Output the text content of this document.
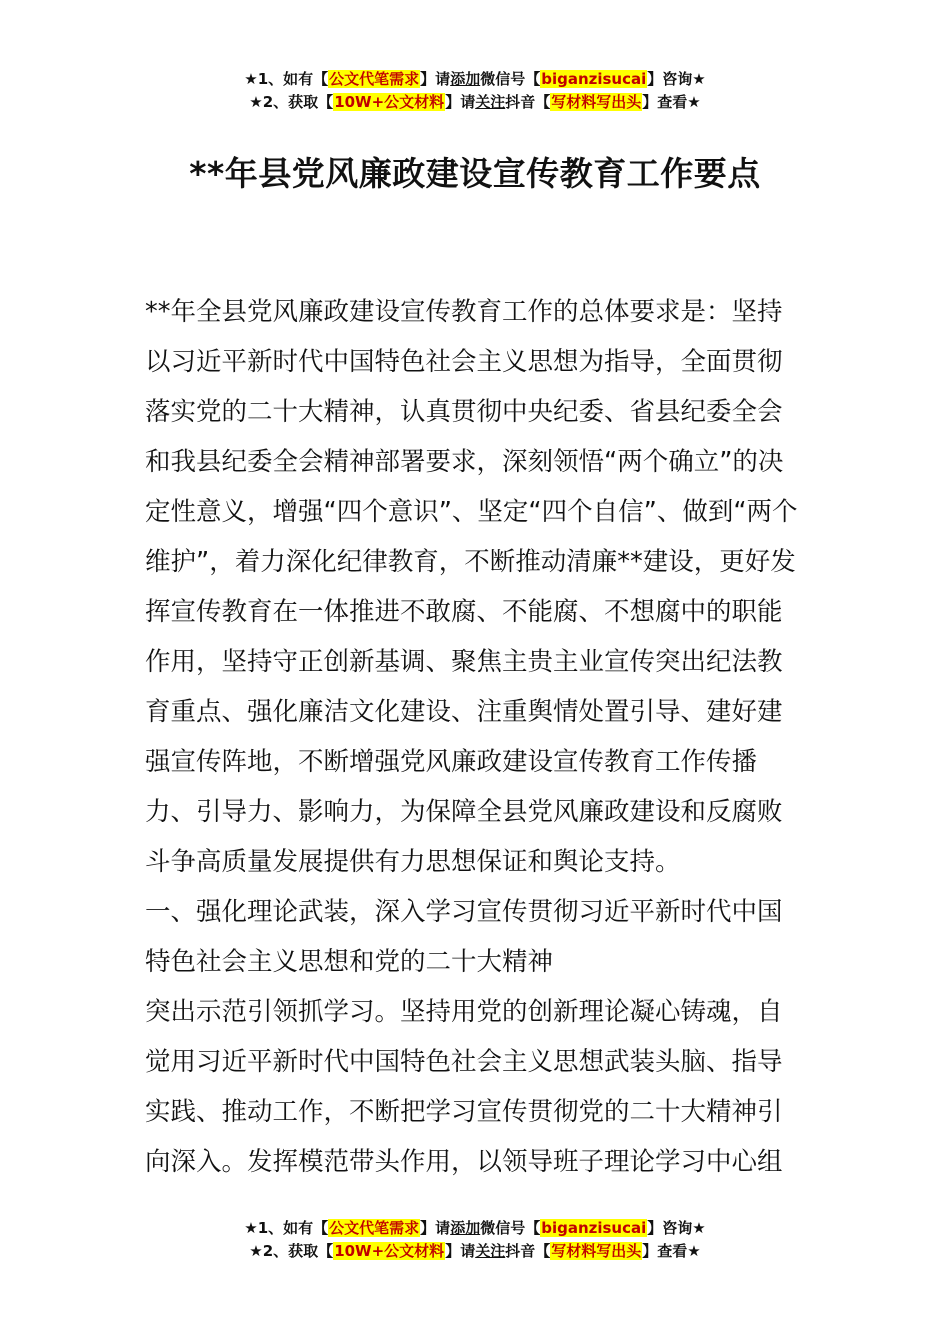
★1、如有【公文代笔需求】请添加微信号【biganzisucai】咨询★
★2、获取【10W+公文材料】请关注抖音【写材料写出头】查看★
**年县党风廉政建设宣传教育工作要点

**年全县党风廉政建设宣传教育工作的总体要求是：坚持以习近平新时代中国特色社会主义思想为指导，全面贯彻落实党的二十大精神，认真贯彻中央纪委、省县纪委全会和我县纪委全会精神部署要求，深刻领悟“两个确立”的决定性意义，增强“四个意识”、坚定“四个自信”、做到“两个维护”，着力深化纪律教育，不断推动清廉**建设，更好发挥宣传教育在一体推进不敢腐、不能腐、不想腐中的职能作用，坚持守正创新基调、聚焦主贵主业宣传突出纪法教育重点、强化廉洁文化建设、注重舆情处置引导、建好建强宣传阵地，不断增强党风廉政建设宣传教育工作传播力、引导力、影响力，为保障全县党风廉政建设和反腐败斗争高质量发展提供有力思想保证和舆论支持。

一、强化理论武装，深入学习宣传贯彻习近平新时代中国特色社会主义思想和党的二十大精神

突出示范引领抓学习。坚持用党的创新理论凝心铸魂，自觉用习近平新时代中国特色社会主义思想武装头脑、指导实践、推动工作，不断把学习宣传贯彻党的二十大精神引向深入。发挥模范带头作用，以领导班子理论学习中心组

★1、如有【公文代笔需求】请添加微信号【biganzisucai】咨询★
★2、获取【10W+公文材料】请关注抖音【写材料写出头】查看★
